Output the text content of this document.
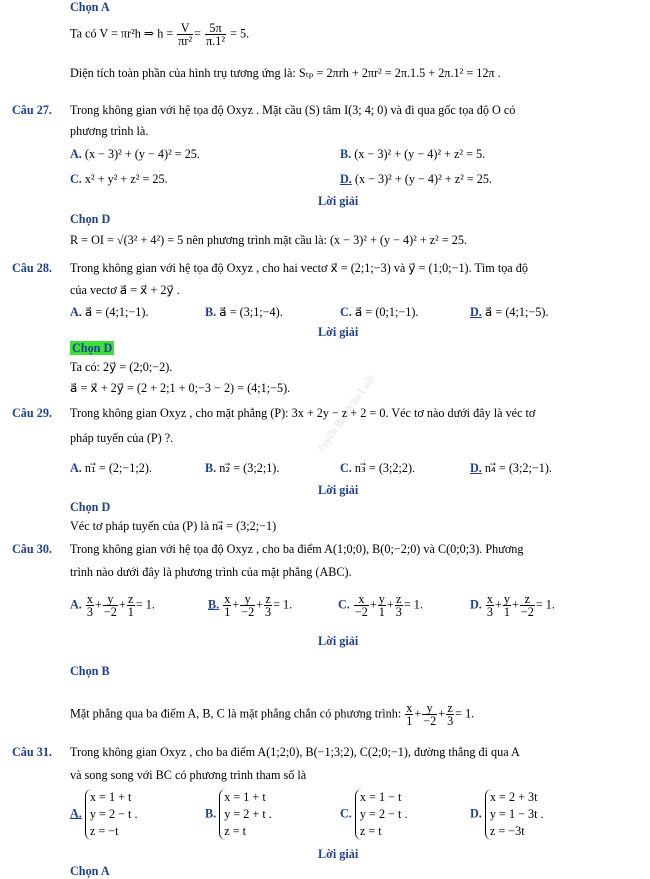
Tuyển Bảo Văn Luật
Chọn A
Ta có V = πr²h ⇒ $h = \frac{V}{\text{πr²}} = \frac{5\pi}{\text{π.1²}} = 5$.
Diện tích toàn phần của hình trụ tương ứng là: Sₜₚ = 2πrh + 2πr² = 2π.1.5 + 2π.1² = 12π .
Câu 27. Trong không gian với hệ tọa độ Oxyz . Mặt cầu (S) tâm I(3; 4; 0) và đi qua gốc tọa độ O có
phương trình là.
A. (x − 3)² + (y − 4)² = 25.	B. (x − 3)² + (y − 4)² + z² = 5.
C. x² + y² + z² = 25.	D. (x − 3)² + (y − 4)² + z² = 25.
Lời giải
Chọn D
R = OI = √(3² + 4²) = 5 nên phương trình mặt cầu là: (x − 3)² + (y − 4)² + z² = 25.
Câu 28. Trong không gian với hệ tọa độ Oxyz , cho hai vectơ x⃗ = (2;1;−3) và y⃗ = (1;0;−1). Tìm tọa độ
của vectơ a⃗ = x⃗ + 2y⃗ .
A. a⃗ = (4;1;−1).	B. a⃗ = (3;1;−4).	C. a⃗ = (0;1;−1).	D. a⃗ = (4;1;−5).
Lời giải
Chọn D
Ta có: 2y⃗ = (2;0;−2).
a⃗ = x⃗ + 2y⃗ = (2 + 2;1 + 0;−3 − 2) = (4;1;−5).
Câu 29. Trong không gian Oxyz , cho mặt phẳng (P): 3x + 2y − z + 2 = 0. Véc tơ nào dưới đây là véc tơ
pháp tuyến của (P) ?.
A. n₁⃗ = (2;−1;2).	B. n₂⃗ = (3;2;1).	C. n₃⃗ = (3;2;2).	D. n₄⃗ = (3;2;−1).
Lời giải
Chọn D
Véc tơ pháp tuyến của (P) là n₄⃗ = (3;2;−1)
Câu 30. Trong không gian với hệ tọa độ Oxyz , cho ba điểm A(1;0;0), B(0;−2;0) và C(0;0;3). Phương
trình nào dưới đây là phương trình của mặt phẳng (ABC).
A. $\frac{x}{3} + \frac{y}{-2} + \frac{z}{1} = 1$.	B. $\frac{x}{1} + \frac{y}{-2} + \frac{z}{3} = 1$.	C. $\frac{x}{-2} + \frac{y}{1} + \frac{z}{3} = 1$.	D. $\frac{x}{3} + \frac{y}{1} + \frac{z}{-2} = 1$.
Lời giải
Chọn B
Mặt phẳng qua ba điểm A, B, C là mặt phẳng chắn có phương trình: $\frac{x}{1} + \frac{y}{-2} + \frac{z}{3} = 1$.
Câu 31. Trong không gian Oxyz , cho ba điểm A(1;2;0), B(−1;3;2), C(2;0;−1), đường thẳng đi qua A
và song song với BC có phương trình tham số là
A.
x = 1 + t
y = 2 − t .
z = −t
B.
x = 1 + t
y = 2 + t .
z = t
C.
x = 1 − t
y = 2 − t .
z = t
D.
x = 2 + 3t
y = 1 − 3t .
z = −3t
Lời giải
Chọn A
